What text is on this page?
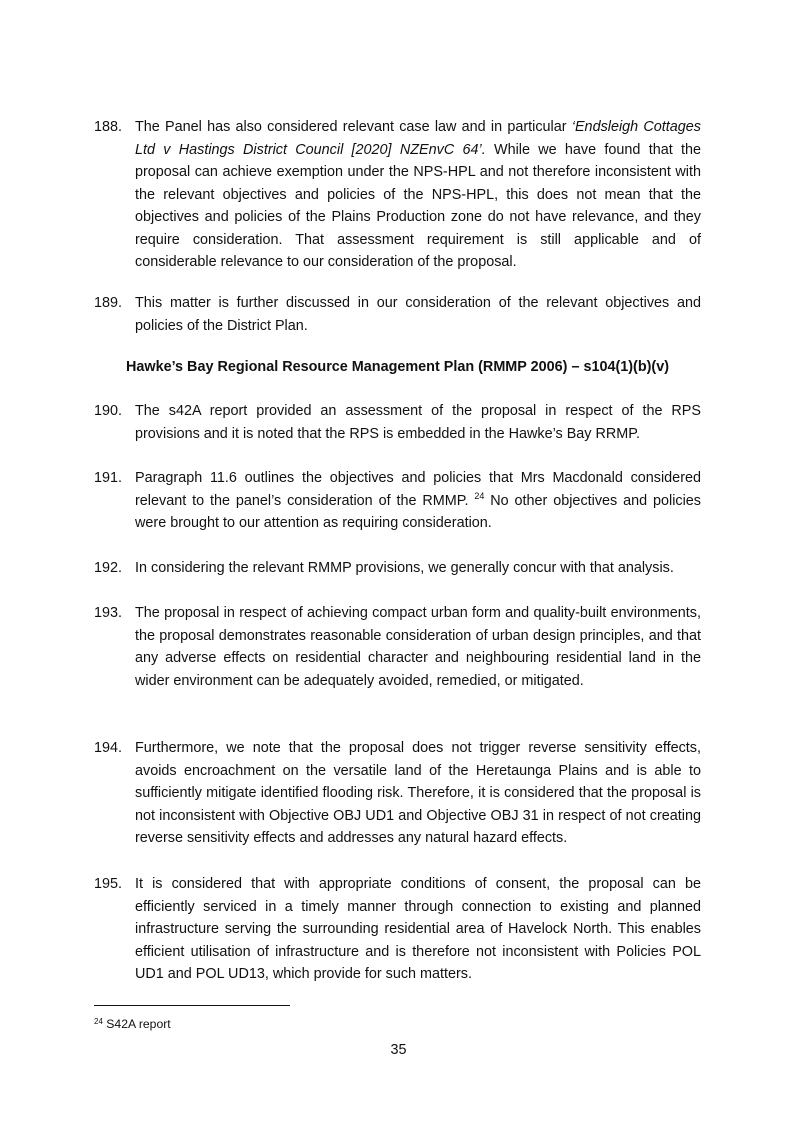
188. The Panel has also considered relevant case law and in particular ‘Endsleigh Cottages Ltd v Hastings District Council [2020] NZEnvC 64’. While we have found that the proposal can achieve exemption under the NPS-HPL and not therefore inconsistent with the relevant objectives and policies of the NPS-HPL, this does not mean that the objectives and policies of the Plains Production zone do not have relevance, and they require consideration. That assessment requirement is still applicable and of considerable relevance to our consideration of the proposal.
189. This matter is further discussed in our consideration of the relevant objectives and policies of the District Plan.
Hawke’s Bay Regional Resource Management Plan (RMMP 2006) – s104(1)(b)(v)
190. The s42A report provided an assessment of the proposal in respect of the RPS provisions and it is noted that the RPS is embedded in the Hawke’s Bay RRMP.
191. Paragraph 11.6 outlines the objectives and policies that Mrs Macdonald considered relevant to the panel’s consideration of the RMMP. $^{24}$ No other objectives and policies were brought to our attention as requiring consideration.
192. In considering the relevant RMMP provisions, we generally concur with that analysis.
193. The proposal in respect of achieving compact urban form and quality-built environments, the proposal demonstrates reasonable consideration of urban design principles, and that any adverse effects on residential character and neighbouring residential land in the wider environment can be adequately avoided, remedied, or mitigated.
194. Furthermore, we note that the proposal does not trigger reverse sensitivity effects, avoids encroachment on the versatile land of the Heretaunga Plains and is able to sufficiently mitigate identified flooding risk. Therefore, it is considered that the proposal is not inconsistent with Objective OBJ UD1 and Objective OBJ 31 in respect of not creating reverse sensitivity effects and addresses any natural hazard effects.
195. It is considered that with appropriate conditions of consent, the proposal can be efficiently serviced in a timely manner through connection to existing and planned infrastructure serving the surrounding residential area of Havelock North. This enables efficient utilisation of infrastructure and is therefore not inconsistent with Policies POL UD1 and POL UD13, which provide for such matters.
$^{24}$ S42A report
35
